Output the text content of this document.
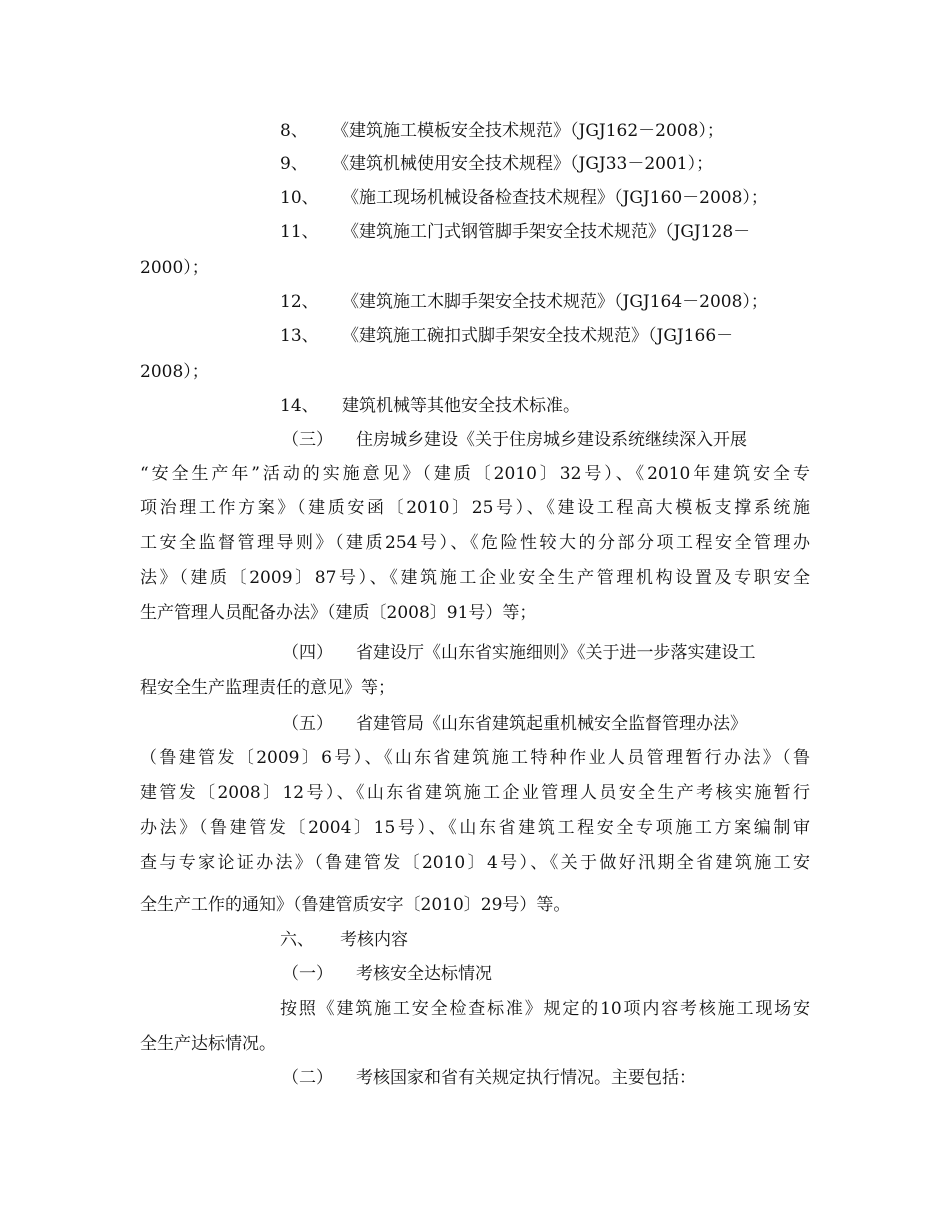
8、 《建筑施工模板安全技术规范》（JGJ162－2008）；
9、 《建筑机械使用安全技术规程》（JGJ33－2001）；
10、 《施工现场机械设备检查技术规程》（JGJ160－2008）；
11、 《建筑施工门式钢管脚手架安全技术规范》（JGJ128－
2000）；
12、 《建筑施工木脚手架安全技术规范》（JGJ164－2008）；
13、 《建筑施工碗扣式脚手架安全技术规范》（JGJ166－
2008）；
14、 建筑机械等其他安全技术标准。
（三） 住房城乡建设《关于住房城乡建设系统继续深入开展
“安全生产年”活动的实施意见》（建质〔2010〕32号）、《2010年建筑安全专
项治理工作方案》（建质安函〔2010〕25号）、《建设工程高大模板支撑系统施
工安全监督管理导则》（建质254号）、《危险性较大的分部分项工程安全管理办
法》（建质〔2009〕87号）、《建筑施工企业安全生产管理机构设置及专职安全
生产管理人员配备办法》（建质〔2008〕91号）等；
（四） 省建设厅《山东省实施细则》《关于进一步落实建设工
程安全生产监理责任的意见》等；
（五） 省建管局《山东省建筑起重机械安全监督管理办法》
（鲁建管发〔2009〕6号）、《山东省建筑施工特种作业人员管理暂行办法》（鲁
建管发〔2008〕12号）、《山东省建筑施工企业管理人员安全生产考核实施暂行
办法》（鲁建管发〔2004〕15号）、《山东省建筑工程安全专项施工方案编制审
查与专家论证办法》（鲁建管发〔2010〕4号）、《关于做好汛期全省建筑施工安
全生产工作的通知》（鲁建管质安字〔2010〕29号）等。
六、 考核内容
（一） 考核安全达标情况
按照《建筑施工安全检查标准》规定的10项内容考核施工现场安
全生产达标情况。
（二） 考核国家和省有关规定执行情况。主要包括：
